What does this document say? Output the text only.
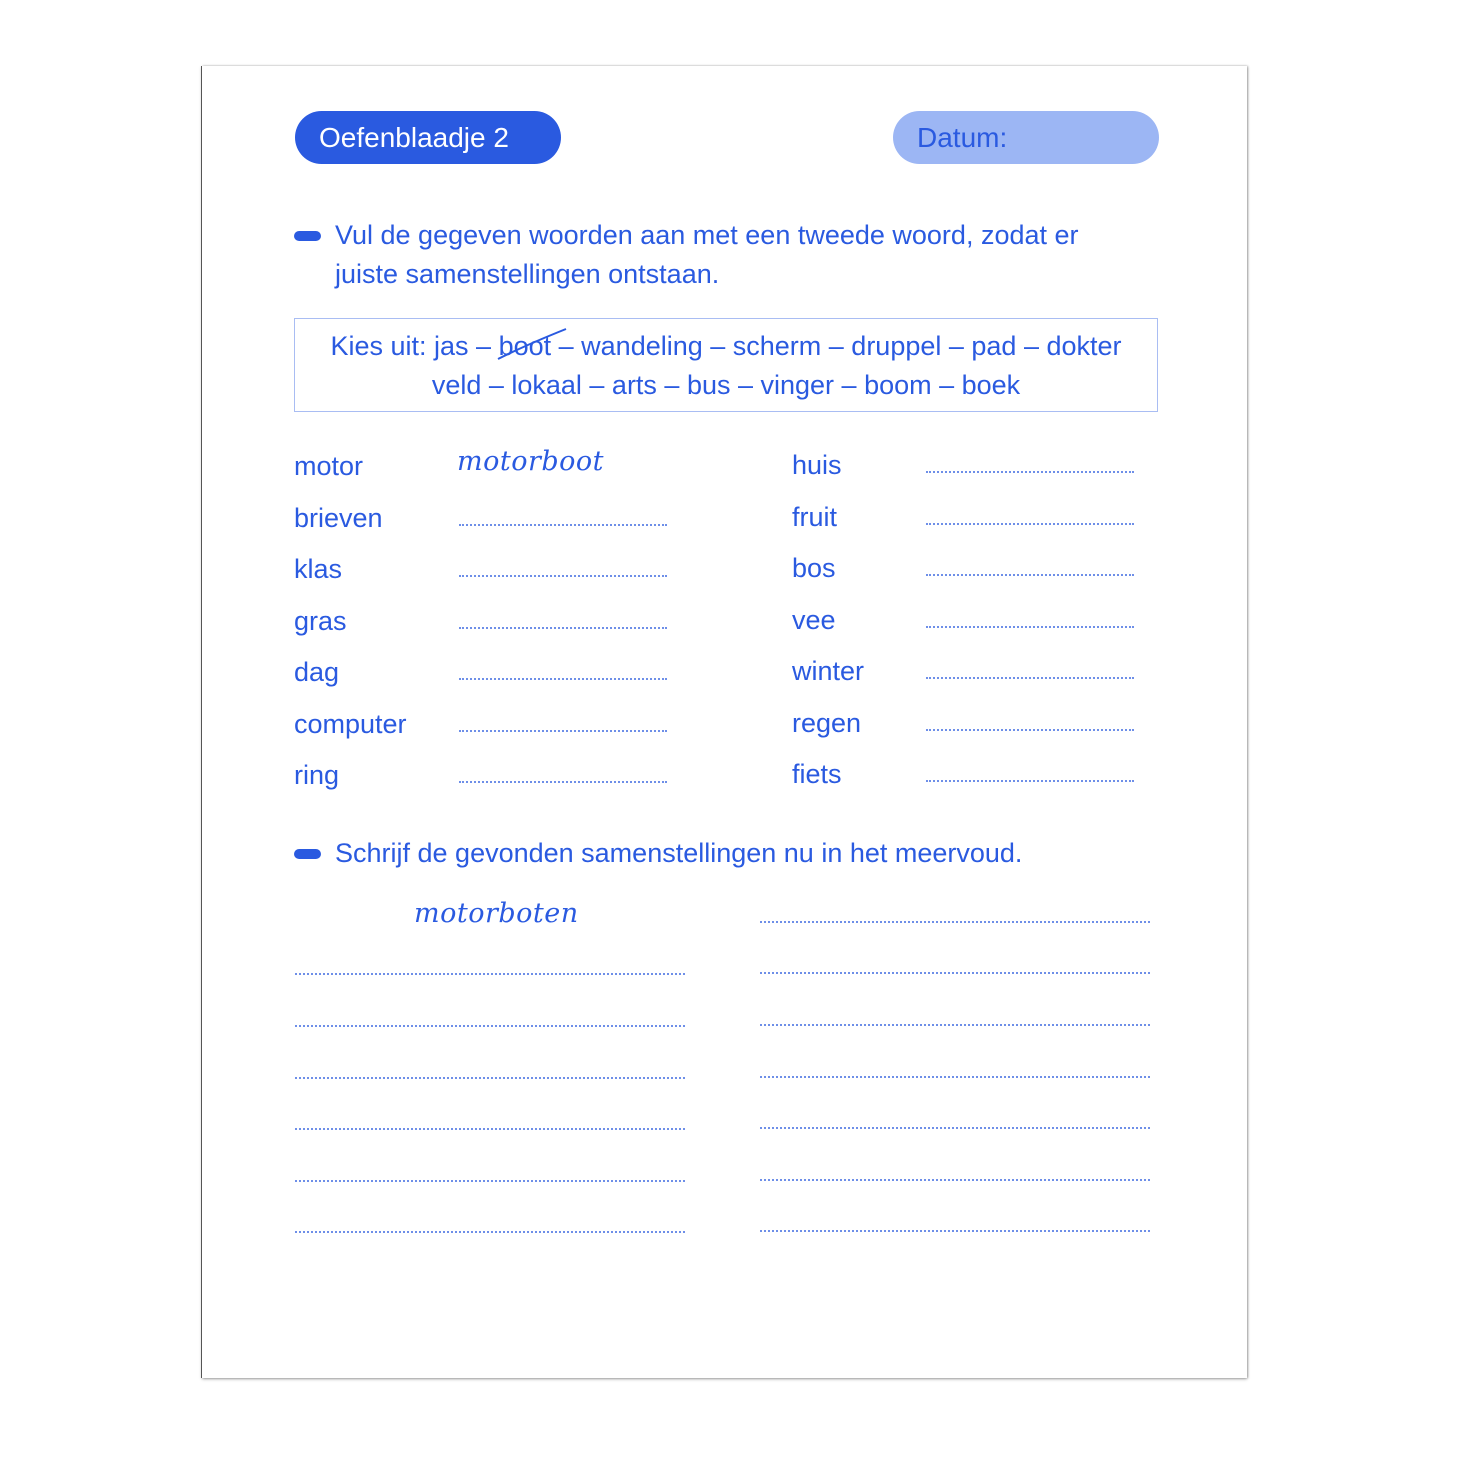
Oefenblaadje 2	Datum:
Vul de gegeven woorden aan met een tweede woord, zodat er
juiste samenstellingen ontstaan.
Kies uit: jas – boot – wandeling – scherm – druppel – pad – dokter
veld – lokaal – arts – bus – vinger – boom – boek
motor
brieven
klas
gras
dag
computer
ring
motorboot	huis
fruit
bos
vee
winter
regen
fiets
Schrijf de gevonden samenstellingen nu in het meervoud.
motorboten
